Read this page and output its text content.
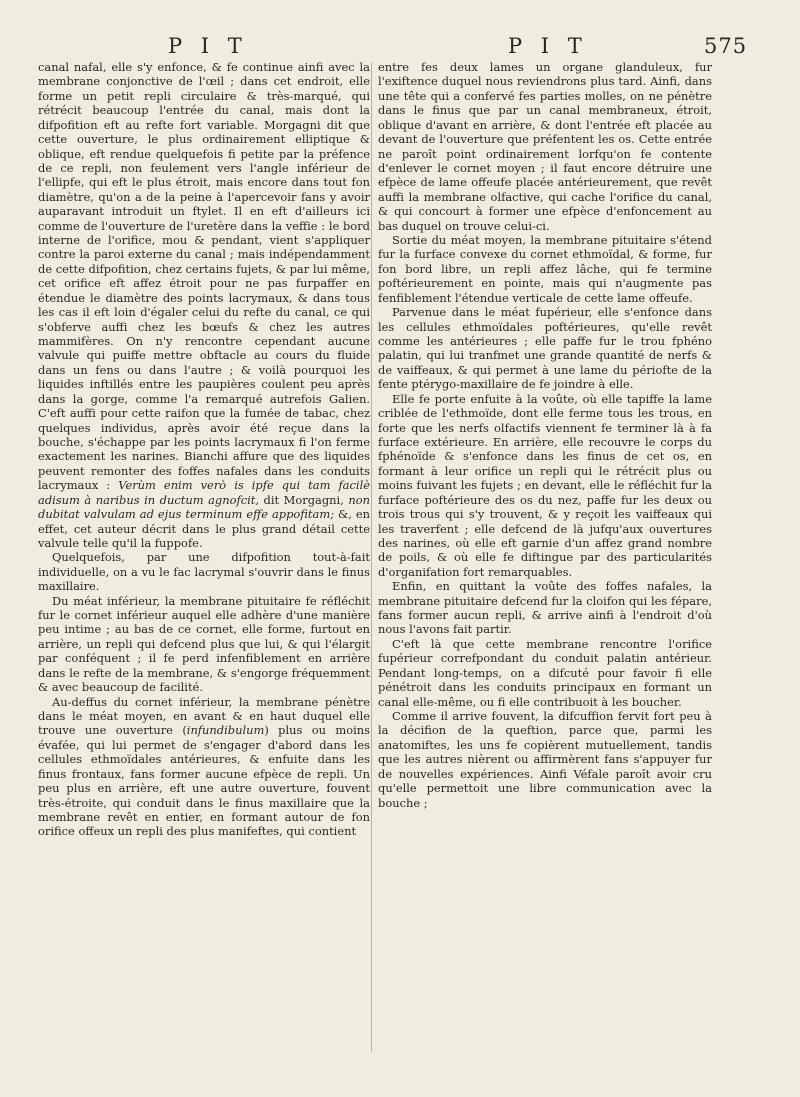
P I T	P I T	575

canal nafal, elle s'y enfonce, & fe continue ainfi avec la membrane conjonctive de l'œil ; dans cet endroit, elle forme un petit repli circulaire & très-marqué, qui rétrécit beaucoup l'entrée du canal, mais dont la difpofition eft au refte fort variable. Morgagni dit que cette ouverture, le plus ordinairement elliptique & oblique, eft rendue quelquefois fi petite par la préfence de ce repli, non feulement vers l'angle inférieur de l'ellipfe, qui eft le plus étroit, mais encore dans tout fon diamètre, qu'on a de la peine à l'apercevoir fans y avoir auparavant introduit un ftylet. Il en eft d'ailleurs ici comme de l'ouverture de l'uretère dans la veffie : le bord interne de l'orifice, mou & pendant, vient s'appliquer contre la paroi externe du canal ; mais indépendamment de cette difpofition, chez certains fujets, & par lui même, cet orifice eft affez étroit pour ne pas furpaffer en étendue le diamètre des points lacrymaux, & dans tous les cas il eft loin d'égaler celui du refte du canal, ce qui s'obferve auffi chez les bœufs & chez les autres mammifères. On n'y rencontre cependant aucune valvule qui puiffe mettre obftacle au cours du fluide dans un fens ou dans l'autre ; & voilà pourquoi les liquides inftillés entre les paupières coulent peu après dans la gorge, comme l'a remarqué autrefois Galien. C'eft auffi pour cette raifon que la fumée de tabac, chez quelques individus, après avoir été reçue dans la bouche, s'échappe par les points lacrymaux fi l'on ferme exactement les narines. Bianchi affure que des liquides peuvent remonter des foffes nafales dans les conduits lacrymaux : Verùm enim verò is ipfe qui tam facilè adisum à naribus in ductum agnofcit, dit Morgagni, non dubitat valvulam ad ejus terminum effe appofitam; &, en effet, cet auteur décrit dans le plus grand détail cette valvule telle qu'il la fuppofe.

Quelquefois, par une difpofition tout-à-fait individuelle, on a vu le fac lacrymal s'ouvrir dans le finus maxillaire.

Du méat inférieur, la membrane pituitaire fe réfléchit fur le cornet inférieur auquel elle adhère d'une manière peu intime ; au bas de ce cornet, elle forme, furtout en arrière, un repli qui defcend plus que lui, & qui l'élargit par conféquent ; il fe perd infenfiblement en arrière dans le refte de la membrane, & s'engorge fréquemment & avec beaucoup de facilité.

Au-deffus du cornet inférieur, la membrane pénètre dans le méat moyen, en avant & en haut duquel elle trouve une ouverture (infundibulum) plus ou moins évafée, qui lui permet de s'engager d'abord dans les cellules ethmoïdales antérieures, & enfuite dans les finus frontaux, fans former aucune efpèce de repli. Un peu plus en arrière, eft une autre ouverture, fouvent très-étroite, qui conduit dans le finus maxillaire que la membrane revêt en entier, en formant autour de fon orifice offeux un repli des plus manifeftes, qui contient

entre fes deux lames un organe glanduleux, fur l'exiftence duquel nous reviendrons plus tard. Ainfi, dans une tête qui a confervé fes parties molles, on ne pénètre dans le finus que par un canal membraneux, étroit, oblique d'avant en arrière, & dont l'entrée eft placée au devant de l'ouverture que préfentent les os. Cette entrée ne paroît point ordinairement lorfqu'on fe contente d'enlever le cornet moyen ; il faut encore détruire une efpèce de lame offeufe placée antérieurement, que revêt auffi la membrane olfactive, qui cache l'orifice du canal, & qui concourt à former une efpèce d'enfoncement au bas duquel on trouve celui-ci.

Sortie du méat moyen, la membrane pituitaire s'étend fur la furface convexe du cornet ethmoïdal, & forme, fur fon bord libre, un repli affez lâche, qui fe termine poftérieurement en pointe, mais qui n'augmente pas fenfiblement l'étendue verticale de cette lame offeufe.

Parvenue dans le méat fupérieur, elle s'enfonce dans les cellules ethmoïdales poftérieures, qu'elle revêt comme les antérieures ; elle paffe fur le trou fphéno palatin, qui lui tranfmet une grande quantité de nerfs & de vaiffeaux, & qui permet à une lame du périofte de la fente ptérygo-maxillaire de fe joindre à elle.

Elle fe porte enfuite à la voûte, où elle tapiffe la lame criblée de l'ethmoïde, dont elle ferme tous les trous, en forte que les nerfs olfactifs viennent fe terminer là à fa furface extérieure. En arrière, elle recouvre le corps du fphénoïde & s'enfonce dans les finus de cet os, en formant à leur orifice un repli qui le rétrécit plus ou moins fuivant les fujets ; en devant, elle le réfléchit fur la furface poftérieure des os du nez, paffe fur les deux ou trois trous qui s'y trouvent, & y reçoit les vaiffeaux qui les traverfent ; elle defcend de là jufqu'aux ouvertures des narines, où elle eft garnie d'un affez grand nombre de poils, & où elle fe diftingue par des particularités d'organifation fort remarquables.

Enfin, en quittant la voûte des foffes nafales, la membrane pituitaire defcend fur la cloifon qui les fépare, fans former aucun repli, & arrive ainfi à l'endroit d'où nous l'avons fait partir.

C'eft là que cette membrane rencontre l'orifice fupérieur correfpondant du conduit palatin antérieur. Pendant long-temps, on a difcuté pour favoir fi elle pénétroit dans les conduits principaux en formant un canal elle-même, ou fi elle contribuoit à les boucher.

Comme il arrive fouvent, la difcuffion fervit fort peu à la décifion de la queftion, parce que, parmi les anatomiftes, les uns fe copièrent mutuellement, tandis que les autres nièrent ou affirmèrent fans s'appuyer fur de nouvelles expériences. Ainfi Véfale paroît avoir cru qu'elle permettoit une libre communication avec la bouche ;
